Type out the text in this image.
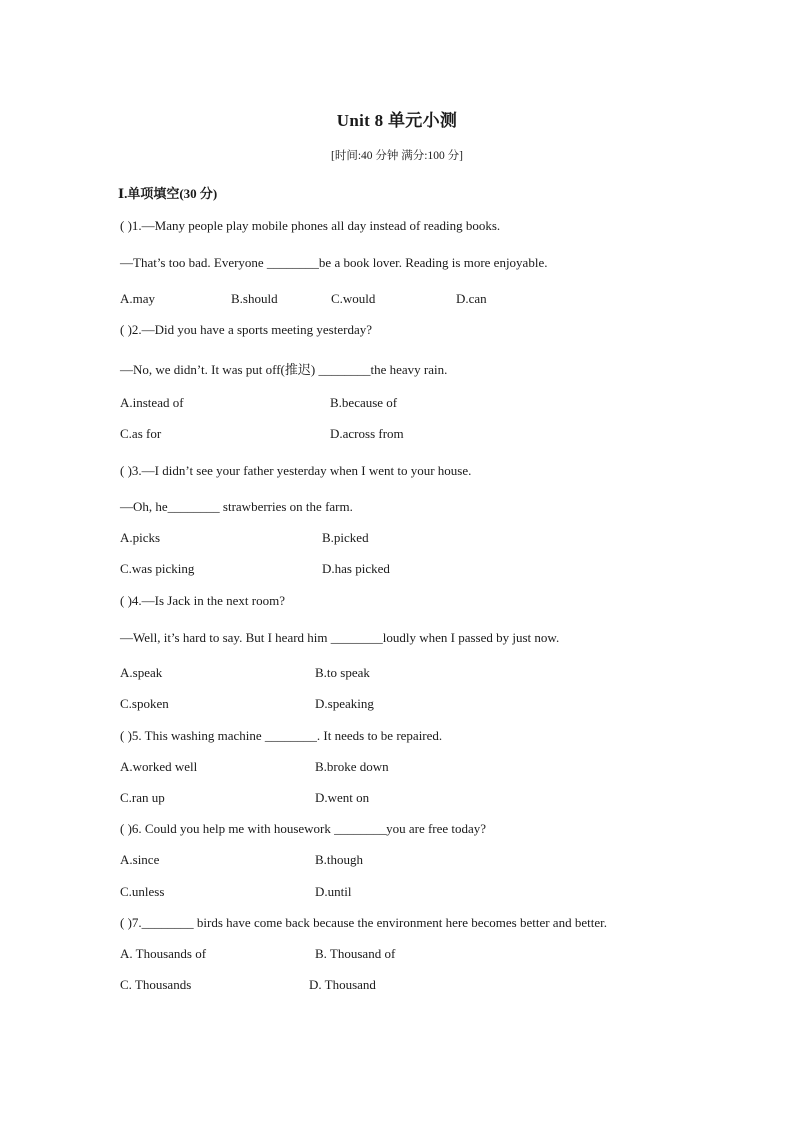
Unit 8 单元小测
[时间:40 分钟 满分:100 分]
Ⅰ.单项填空(30 分)
( )1.—Many people play mobile phones all day instead of reading books.
—That’s too bad. Everyone ________be a book lover. Reading is more enjoyable.
A.may	B.should	C.would	D.can
( )2.—Did you have a sports meeting yesterday?
—No, we didn’t. It was put off(推迟) ________the heavy rain.
A.instead of	B.because of
C.as for	D.across from
( )3.—I didn’t see your father yesterday when I went to your house.
—Oh, he________ strawberries on the farm.
A.picks	B.picked
C.was picking	D.has picked
( )4.—Is Jack in the next room?
—Well, it’s hard to say. But I heard him ________loudly when I passed by just now.
A.speak	B.to speak
C.spoken	D.speaking
( )5. This washing machine ________. It needs to be repaired.
A.worked well	B.broke down
C.ran up	D.went on
( )6. Could you help me with housework ________you are free today?
A.since	B.though
C.unless	D.until
( )7.________ birds have come back because the environment here becomes better and better.
A. Thousands of	B. Thousand of
C. Thousands	D. Thousand
